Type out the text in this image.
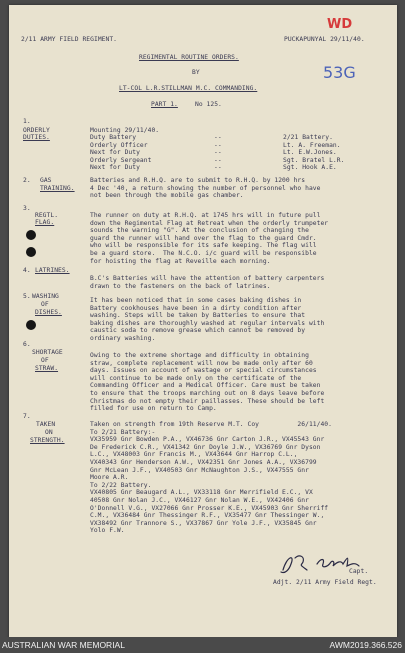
2/11 ARMY FIELD REGIMENT.	PUCKAPUNYAL 29/11/40.
WD
53G
REGIMENTAL ROUTINE ORDERS.
BY
LT-COL L.R.STILLMAN M.C. COMMANDING.
PART 1.	No 125.
1.
ORDERLY
DUTIES.
Mounting 29/11/40.
Duty Battery	--	2/21 Battery.
Orderly Officer	--	Lt. A. Freeman.
Next for Duty	--	Lt. E.W.Jones.
Orderly Sergeant	--	Sgt. Bratel L.R.
Next for Duty	--	Sgt. Hook A.E.
2. GAS
TRAINING.
Batteries and R.H.Q. are to submit to R.H.Q. by 1200 hrs
4 Dec '40, a return showing the number of personnel who have
not been through the mobile gas chamber.
3.
REGTL.
FLAG.
The runner on duty at R.H.Q. at 1745 hrs will in future pull
down the Regimental Flag at Retreat when the orderly trumpeter
sounds the warning "G". At the conclusion of changing the
guard the runner will hand over the flag to the guard Cmdr.
who will be responsible for its safe keeping. The flag will
be a guard store.  The N.C.O. i/c guard will be responsible
for hoisting the flag at Reveille each morning.
4. LATRINES.
B.C's Batteries will have the attention of battery carpenters
drawn to the fasteners on the back of latrines.
5. WASHING
OF
DISHES.
It has been noticed that in some cases baking dishes in
Battery cookhouses have been in a dirty condition after
washing. Steps will be taken by Batteries to ensure that
baking dishes are thoroughly washed at regular intervals with
caustic soda to remove grease which cannot be removed by
ordinary washing.
6.
SHORTAGE
OF
STRAW.
Owing to the extreme shortage and difficulty in obtaining
straw, complete replacement will now be made only after 60
days. Issues on account of wastage or special circumstances
will continue to be made only on the certificate of the
Commanding Officer and a Medical Officer. Care must be taken
to ensure that the troops marching out on 8 days leave before
Christmas do not empty their paillasses. These should be left
filled for use on return to Camp.
7.
TAKEN
ON
STRENGTH.
Taken on strength from 19th Reserve M.T. Coy          26/11/40.
To 2/21 Battery:-
VX35959 Gnr Bowden P.A., VX46736 Gnr Carton J.R., VX45543 Gnr
De Frederick C.R., VX41342 Gnr Doyle J.W., VX36769 Gnr Dyson
L.C., VX48003 Gnr Francis M., VX43644 Gnr Harrop C.L.,
VX40343 Gnr Henderson A.W., VX42351 Gnr Jones A.A., VX36799
Gnr McLean J.F., VX40503 Gnr McNaughton J.S., VX47555 Gnr
Moore A.R.
To 2/22 Battery.
VX40805 Gnr Beaugard A.L., VX33118 Gnr Merrifield E.C., VX
40508 Gnr Nolan J.C., VX46127 Gnr Nolan W.E., VX42406 Gnr
O'Donnell V.G., VX27066 Gnr Prosser K.E., VX45903 Gnr Sherriff
C.M., VX36484 Gnr Thessinger R.F., VX35477 Gnr Thessinger W.,
VX38492 Gnr Trannore S., VX37867 Gnr Yole J.F., VX35845 Gnr
Yolo F.W.
Capt.
Adjt. 2/11 Army Field Regt.
AUSTRALIAN WAR MEMORIAL	AWM2019.366.526
